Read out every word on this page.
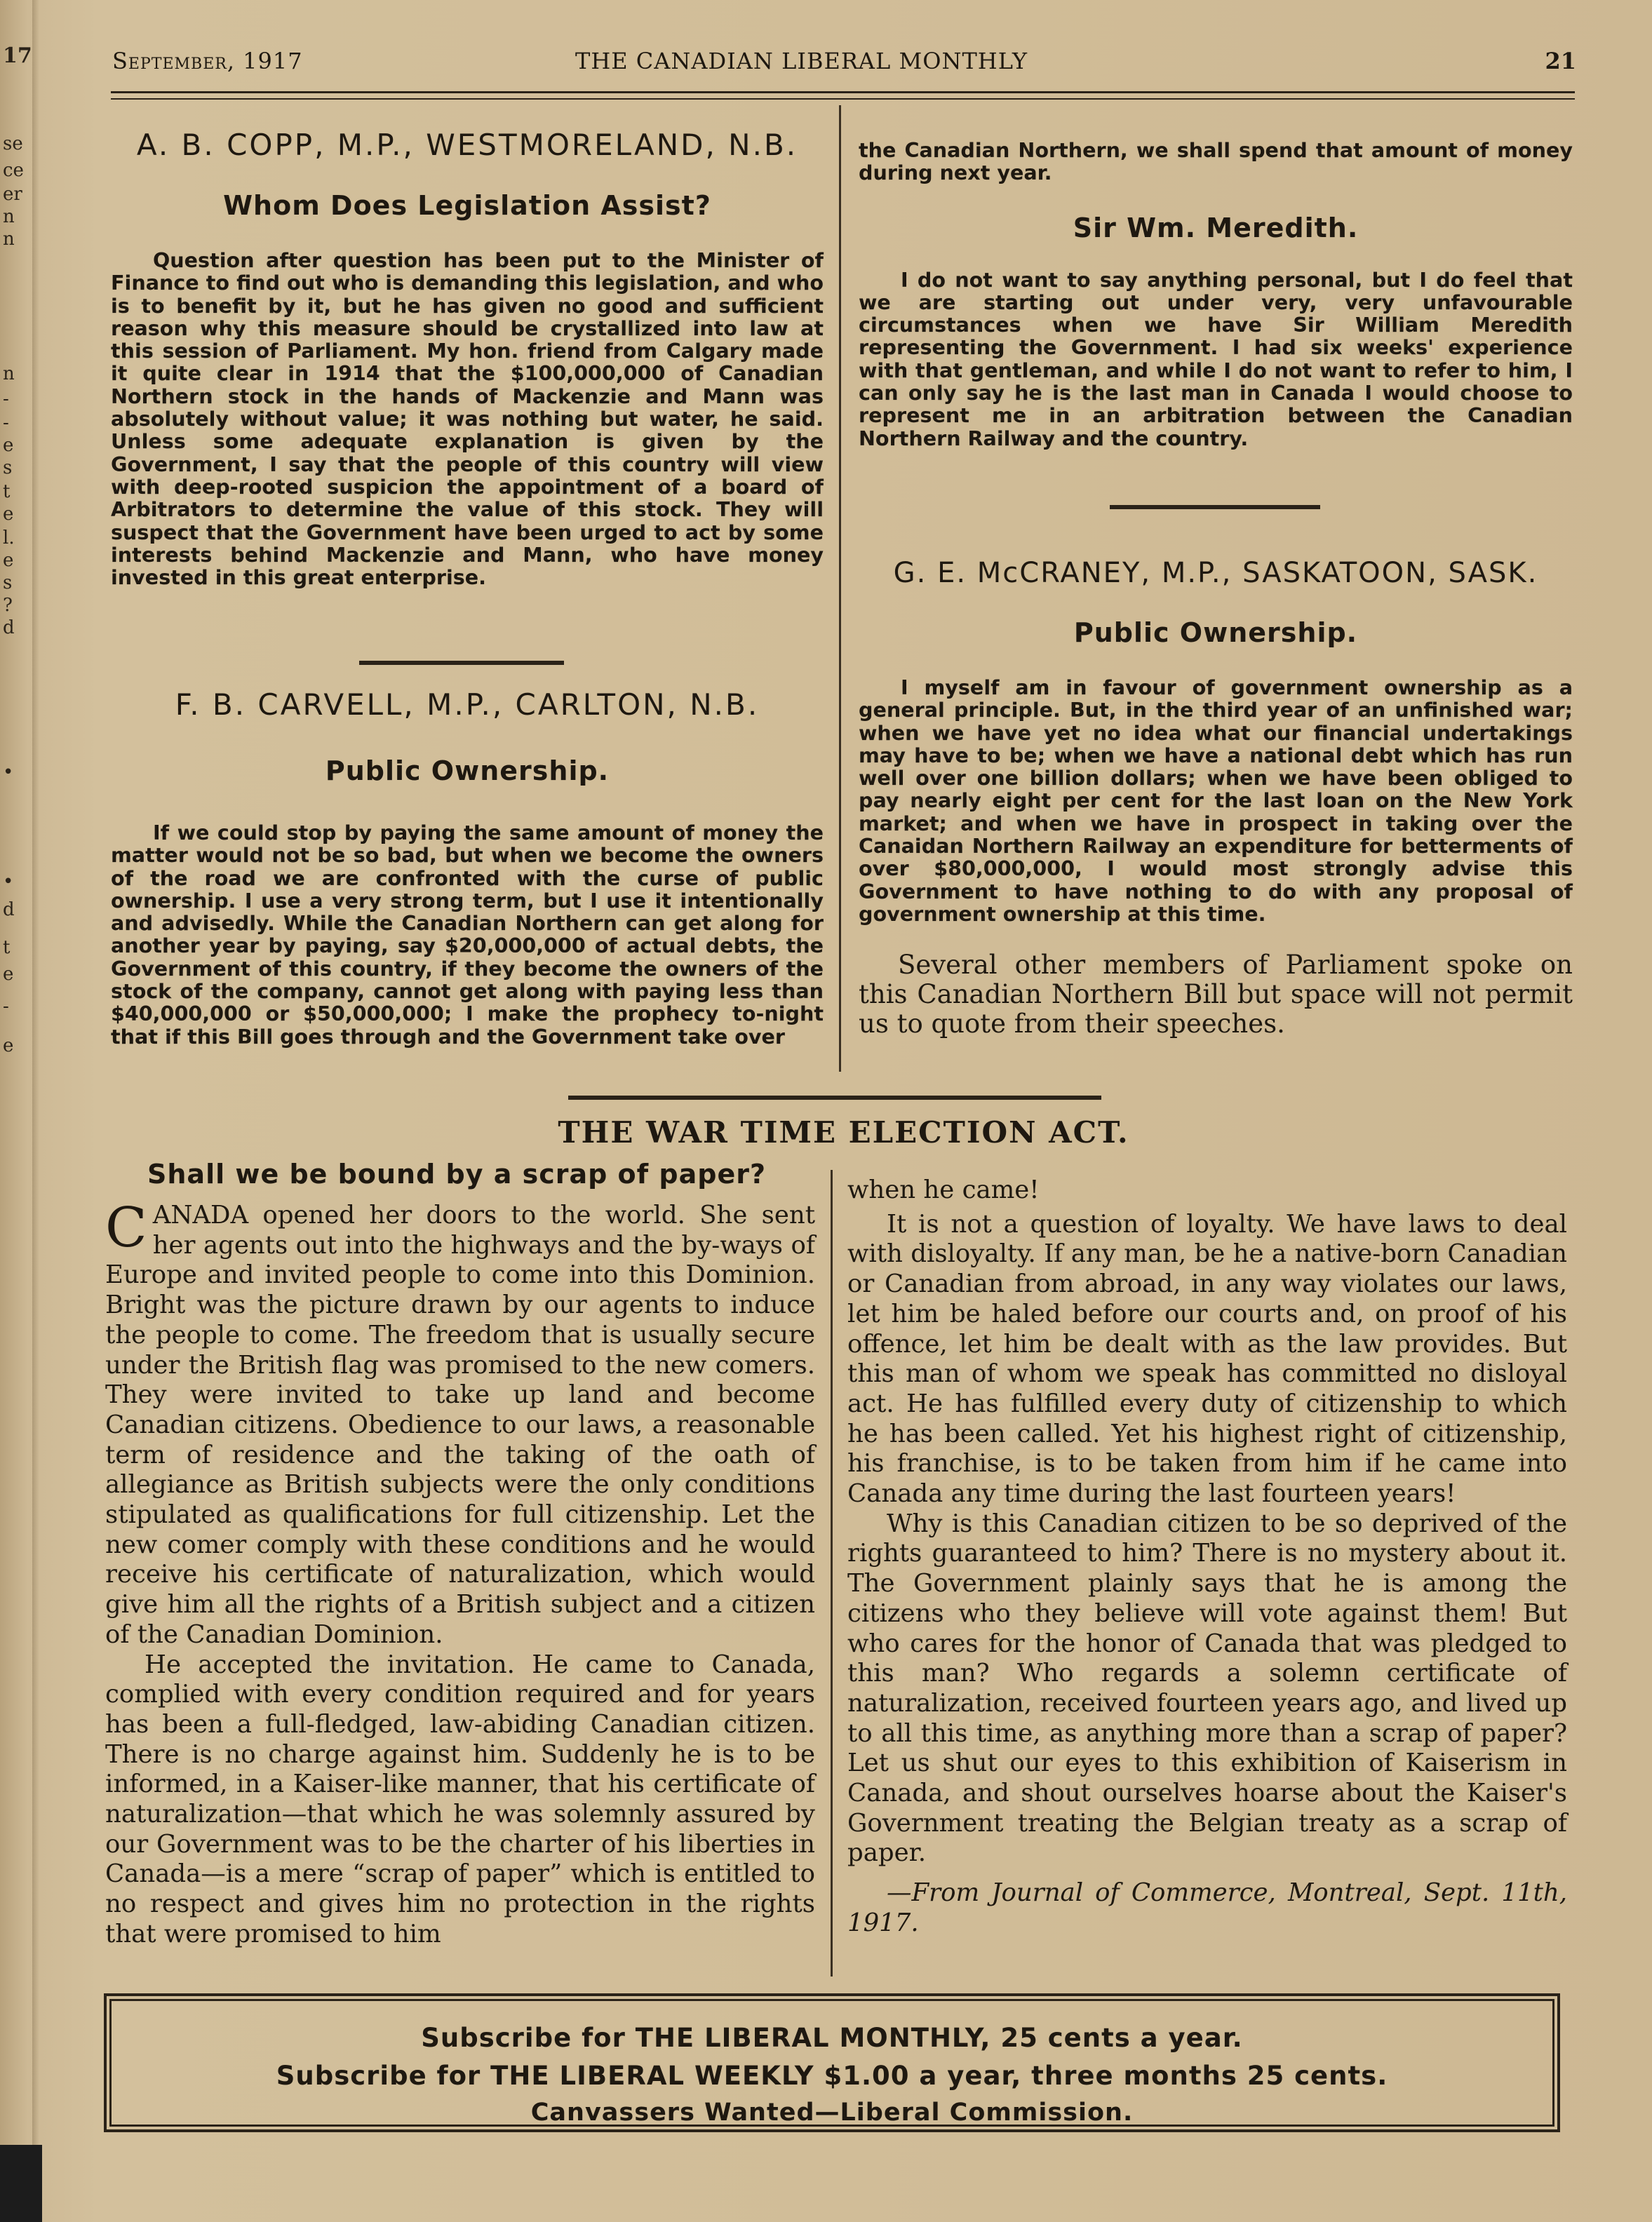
17
se
ce
er
n
n
n
-
-
e
s
t
e
l.
e
s
?
d
•
•
d
t
e
-
e
September, 1917	THE CANADIAN LIBERAL MONTHLY	21
A. B. COPP, M.P., WESTMORELAND, N.B.
Whom Does Legislation Assist?

Question after question has been put to the Minister of Finance to find out who is demanding this legislation, and who is to benefit by it, but he has given no good and sufficient reason why this measure should be crystallized into law at this session of Parliament. My hon. friend from Calgary made it quite clear in 1914 that the $100,000,000 of Canadian Northern stock in the hands of Mackenzie and Mann was absolutely without value; it was nothing but water, he said. Unless some adequate explanation is given by the Government, I say that the people of this country will view with deep-rooted suspicion the appointment of a board of Arbitrators to determine the value of this stock. They will suspect that the Government have been urged to act by some interests behind Mackenzie and Mann, who have money invested in this great enterprise.

F. B. CARVELL, M.P., CARLTON, N.B.
Public Ownership.

If we could stop by paying the same amount of money the matter would not be so bad, but when we become the owners of the road we are confronted with the curse of public ownership. I use a very strong term, but I use it intentionally and advisedly. While the Canadian Northern can get along for another year by paying, say $20,000,000 of actual debts, the Government of this country, if they become the owners of the stock of the company, cannot get along with paying less than $40,000,000 or $50,000,000; I make the prophecy to-night that if this Bill goes through and the Government take over

the Canadian Northern, we shall spend that amount of money during next year.

Sir Wm. Meredith.

I do not want to say anything personal, but I do feel that we are starting out under very, very unfavourable circumstances when we have Sir William Meredith representing the Government. I had six weeks' experience with that gentleman, and while I do not want to refer to him, I can only say he is the last man in Canada I would choose to represent me in an arbitration between the Canadian Northern Railway and the country.

G. E. McCRANEY, M.P., SASKATOON, SASK.
Public Ownership.

I myself am in favour of government ownership as a general principle. But, in the third year of an unfinished war; when we have yet no idea what our financial undertakings may have to be; when we have a national debt which has run well over one billion dollars; when we have been obliged to pay nearly eight per cent for the last loan on the New York market; and when we have in prospect in taking over the Canaidan Northern Railway an expenditure for betterments of over $80,000,000, I would most strongly advise this Government to have nothing to do with any proposal of government ownership at this time.

Several other members of Parliament spoke on this Canadian Northern Bill but space will not permit us to quote from their speeches.

THE WAR TIME ELECTION ACT.
Shall we be bound by a scrap of paper?

CANADA opened her doors to the world. She sent her agents out into the highways and the by-ways of Europe and invited people to come into this Dominion. Bright was the picture drawn by our agents to induce the people to come. The freedom that is usually secure under the British flag was promised to the new comers. They were invited to take up land and become Canadian citizens. Obedience to our laws, a reasonable term of residence and the taking of the oath of allegiance as British subjects were the only conditions stipulated as qualifications for full citizenship. Let the new comer comply with these conditions and he would receive his certificate of naturalization, which would give him all the rights of a British subject and a citizen of the Canadian Dominion.

He accepted the invitation. He came to Canada, complied with every condition required and for years has been a full-fledged, law-abiding Canadian citizen. There is no charge against him. Suddenly he is to be informed, in a Kaiser-like manner, that his certificate of naturalization—that which he was solemnly assured by our Government was to be the charter of his liberties in Canada—is a mere “scrap of paper” which is entitled to no respect and gives him no protection in the rights that were promised to him

when he came!

It is not a question of loyalty. We have laws to deal with disloyalty. If any man, be he a native-born Canadian or Canadian from abroad, in any way violates our laws, let him be haled before our courts and, on proof of his offence, let him be dealt with as the law provides. But this man of whom we speak has committed no disloyal act. He has fulfilled every duty of citizenship to which he has been called. Yet his highest right of citizenship, his franchise, is to be taken from him if he came into Canada any time during the last fourteen years!

Why is this Canadian citizen to be so deprived of the rights guaranteed to him? There is no mystery about it. The Government plainly says that he is among the citizens who they believe will vote against them! But who cares for the honor of Canada that was pledged to this man? Who regards a solemn certificate of naturalization, received fourteen years ago, and lived up to all this time, as anything more than a scrap of paper? Let us shut our eyes to this exhibition of Kaiserism in Canada, and shout ourselves hoarse about the Kaiser's Government treating the Belgian treaty as a scrap of paper.

—From Journal of Commerce, Montreal, Sept. 11th, 1917.

Subscribe for THE LIBERAL MONTHLY, 25 cents a year.

Subscribe for THE LIBERAL WEEKLY $1.00 a year, three months 25 cents.

Canvassers Wanted—Liberal Commission.
